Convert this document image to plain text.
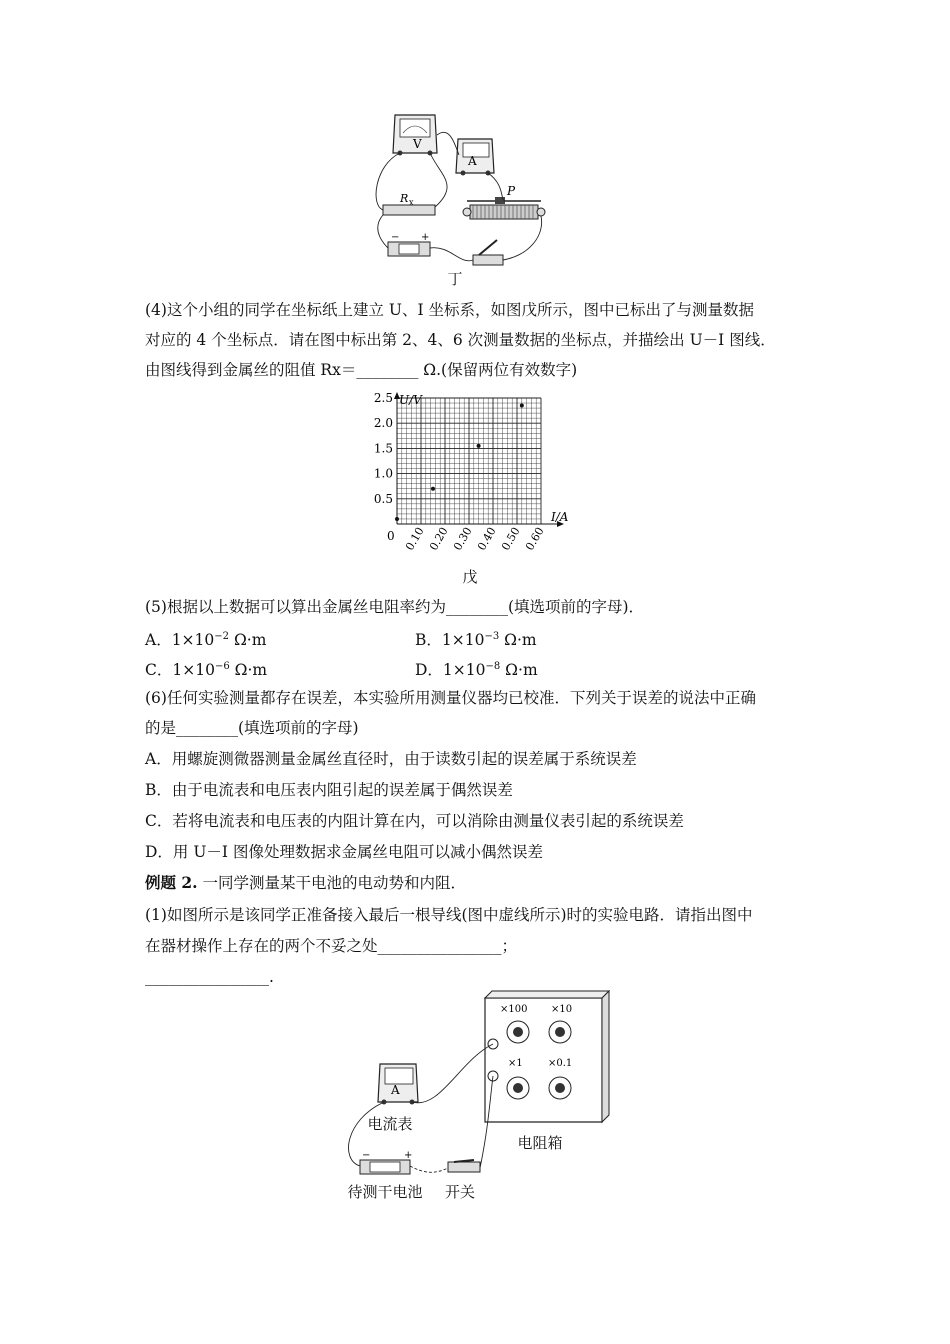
V
A
R x
P
− +
丁
(4)这个小组的同学在坐标纸上建立 U、I 坐标系，如图戊所示，图中已标出了与测量数据
对应的 4 个坐标点．请在图中标出第 2、4、6 次测量数据的坐标点，并描绘出 U－I 图线．
由图线得到金属丝的阻值 Rx＝________ Ω.(保留两位有效数字)
U/V
I/A
0
0.5
1.0
1.5
2.0
2.5
0.10 0.20 0.30 0.40 0.50 0.60
戊
(5)根据以上数据可以算出金属丝电阻率约为________(填选项前的字母)．
A．$1\times 10^{-2}$ Ω·m	B．$1\times 10^{-3}$ Ω·m
C．$1\times 10^{-6}$ Ω·m	D．$1\times 10^{-8}$ Ω·m
(6)任何实验测量都存在误差，本实验所用测量仪器均已校准．下列关于误差的说法中正确
的是________(填选项前的字母)
A．用螺旋测微器测量金属丝直径时，由于读数引起的误差属于系统误差
B．由于电流表和电压表内阻引起的误差属于偶然误差
C．若将电流表和电压表的内阻计算在内，可以消除由测量仪表引起的系统误差
D．用 U－I 图像处理数据求金属丝电阻可以减小偶然误差
例题 2. 一同学测量某干电池的电动势和内阻．
(1)如图所示是该同学正准备接入最后一根导线(图中虚线所示)时的实验电路．请指出图中
在器材操作上存在的两个不妥之处________________；
________________.
×100 ×10
×1	×0.1
A
+
−
电流表
电阻箱
待测干电池	开关
